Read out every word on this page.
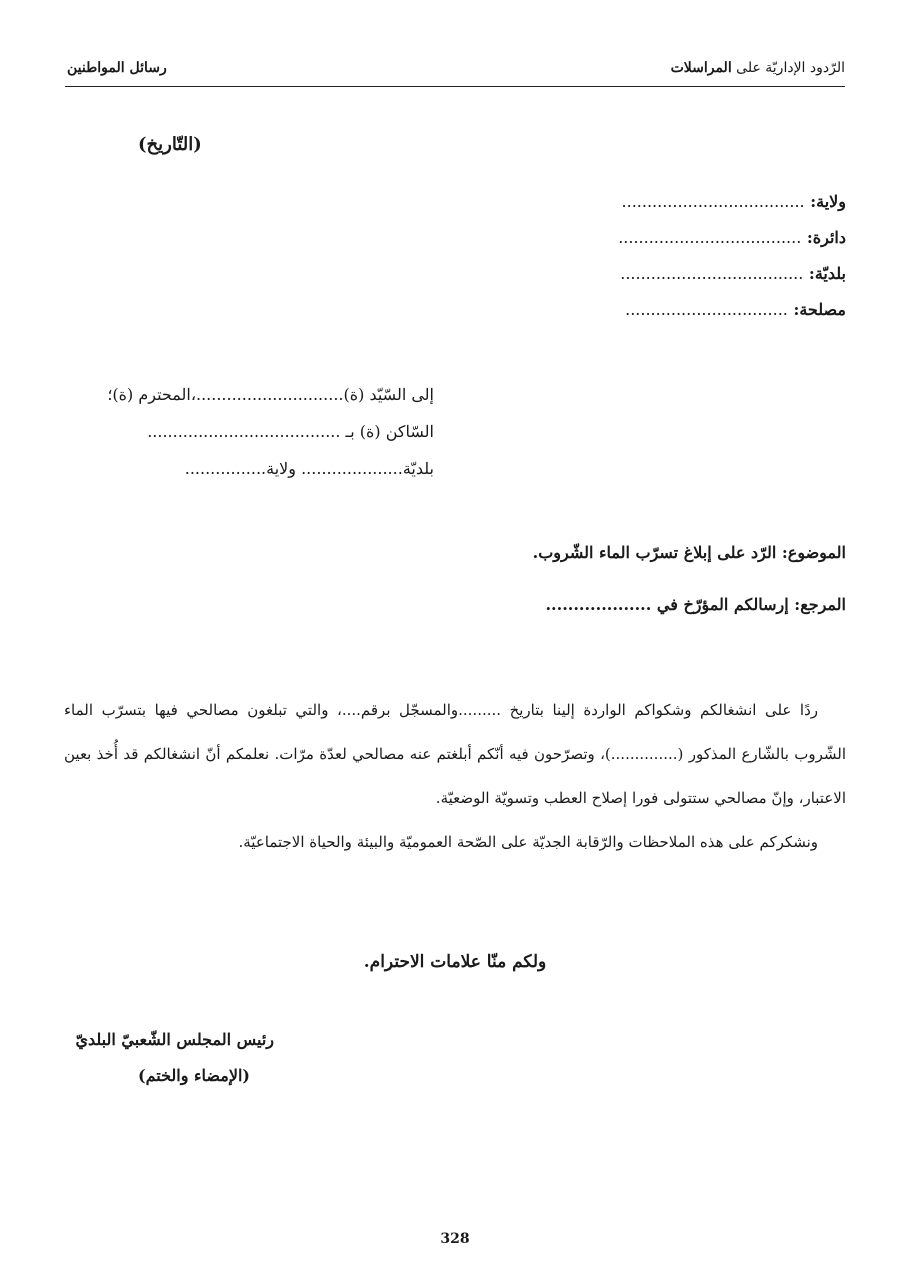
الرّدود الإداريّة على المراسلات
رسائل المواطنين
(التّاريخ)
ولاية: ....................................
دائرة: ....................................
بلديّة: ....................................
مصلحة: ................................
إلى السّيّد (ة).............................،المحترم (ة)؛
السّاكن (ة) بـ ......................................
بلديّة.................... ولاية................
الموضوع: الرّد على إبلاغ تسرّب الماء الشّروب.
المرجع: إرسالكم المؤرّخ في ...................

ردًا على انشغالكم وشكواكم الواردة إلينا بتاريخ .........والمسجّل برقم....، والتي تبلغون مصالحي فيها بتسرّب الماء الشّروب بالشّارع المذكور (..............)، وتصرّحون فيه أنّكم أبلغتم عنه مصالحي لعدّة مرّات. نعلمكم أنّ انشغالكم قد أُخذ بعين الاعتبار، وإنّ مصالحي ستتولى فورا إصلاح العطب وتسويّة الوضعيّة.

ونشكركم على هذه الملاحظات والرّقابة الجديّة على الصّحة العموميّة والبيئة والحياة الاجتماعيّة.

ولكم منّا علامات الاحترام.
رئيس المجلس الشّعبيّ البلديّ
(الإمضاء والختم)
328
